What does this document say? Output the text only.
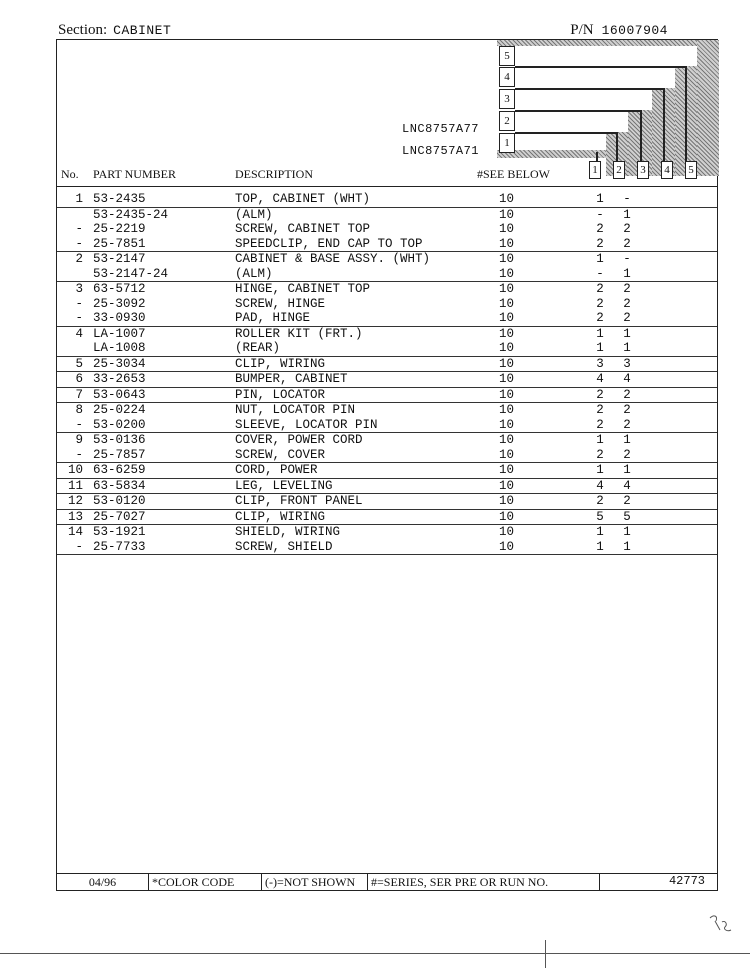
Section: CABINET	P/N 16007904
5
4
3
2
1
LNC8757A77
LNC8757A71
No. PART NUMBER	DESCRIPTION	#SEE BELOW	1 2 3 4 5
1 53-2435	TOP, CABINET (WHT)	10	1 -
53-2435-24	(ALM)	10	- 1
- 25-2219	SCREW, CABINET TOP	10	2 2
- 25-7851	SPEEDCLIP, END CAP TO TOP	10	2 2
2 53-2147	CABINET & BASE ASSY. (WHT)	10	1 -
53-2147-24	(ALM)	10	- 1
3 63-5712	HINGE, CABINET TOP	10	2 2
- 25-3092	SCREW, HINGE	10	2 2
- 33-0930	PAD, HINGE	10	2 2
4 LA-1007	ROLLER KIT (FRT.)	10	1 1
LA-1008	(REAR)	10	1 1
5 25-3034	CLIP, WIRING	10	3 3
6 33-2653	BUMPER, CABINET	10	4 4
7 53-0643	PIN, LOCATOR	10	2 2
8 25-0224	NUT, LOCATOR PIN	10	2 2
- 53-0200	SLEEVE, LOCATOR PIN	10	2 2
9 53-0136	COVER, POWER CORD	10	1 1
- 25-7857	SCREW, COVER	10	2 2
10 63-6259	CORD, POWER	10	1 1
11 63-5834	LEG, LEVELING	10	4 4
12 53-0120	CLIP, FRONT PANEL	10	2 2
13 25-7027	CLIP, WIRING	10	5 5
14 53-1921	SHIELD, WIRING	10	1 1
- 25-7733	SCREW, SHIELD	10	1 1
04/96	*COLOR CODE	(-)=NOT SHOWN	#=SERIES, SER PRE OR RUN NO.	42773
